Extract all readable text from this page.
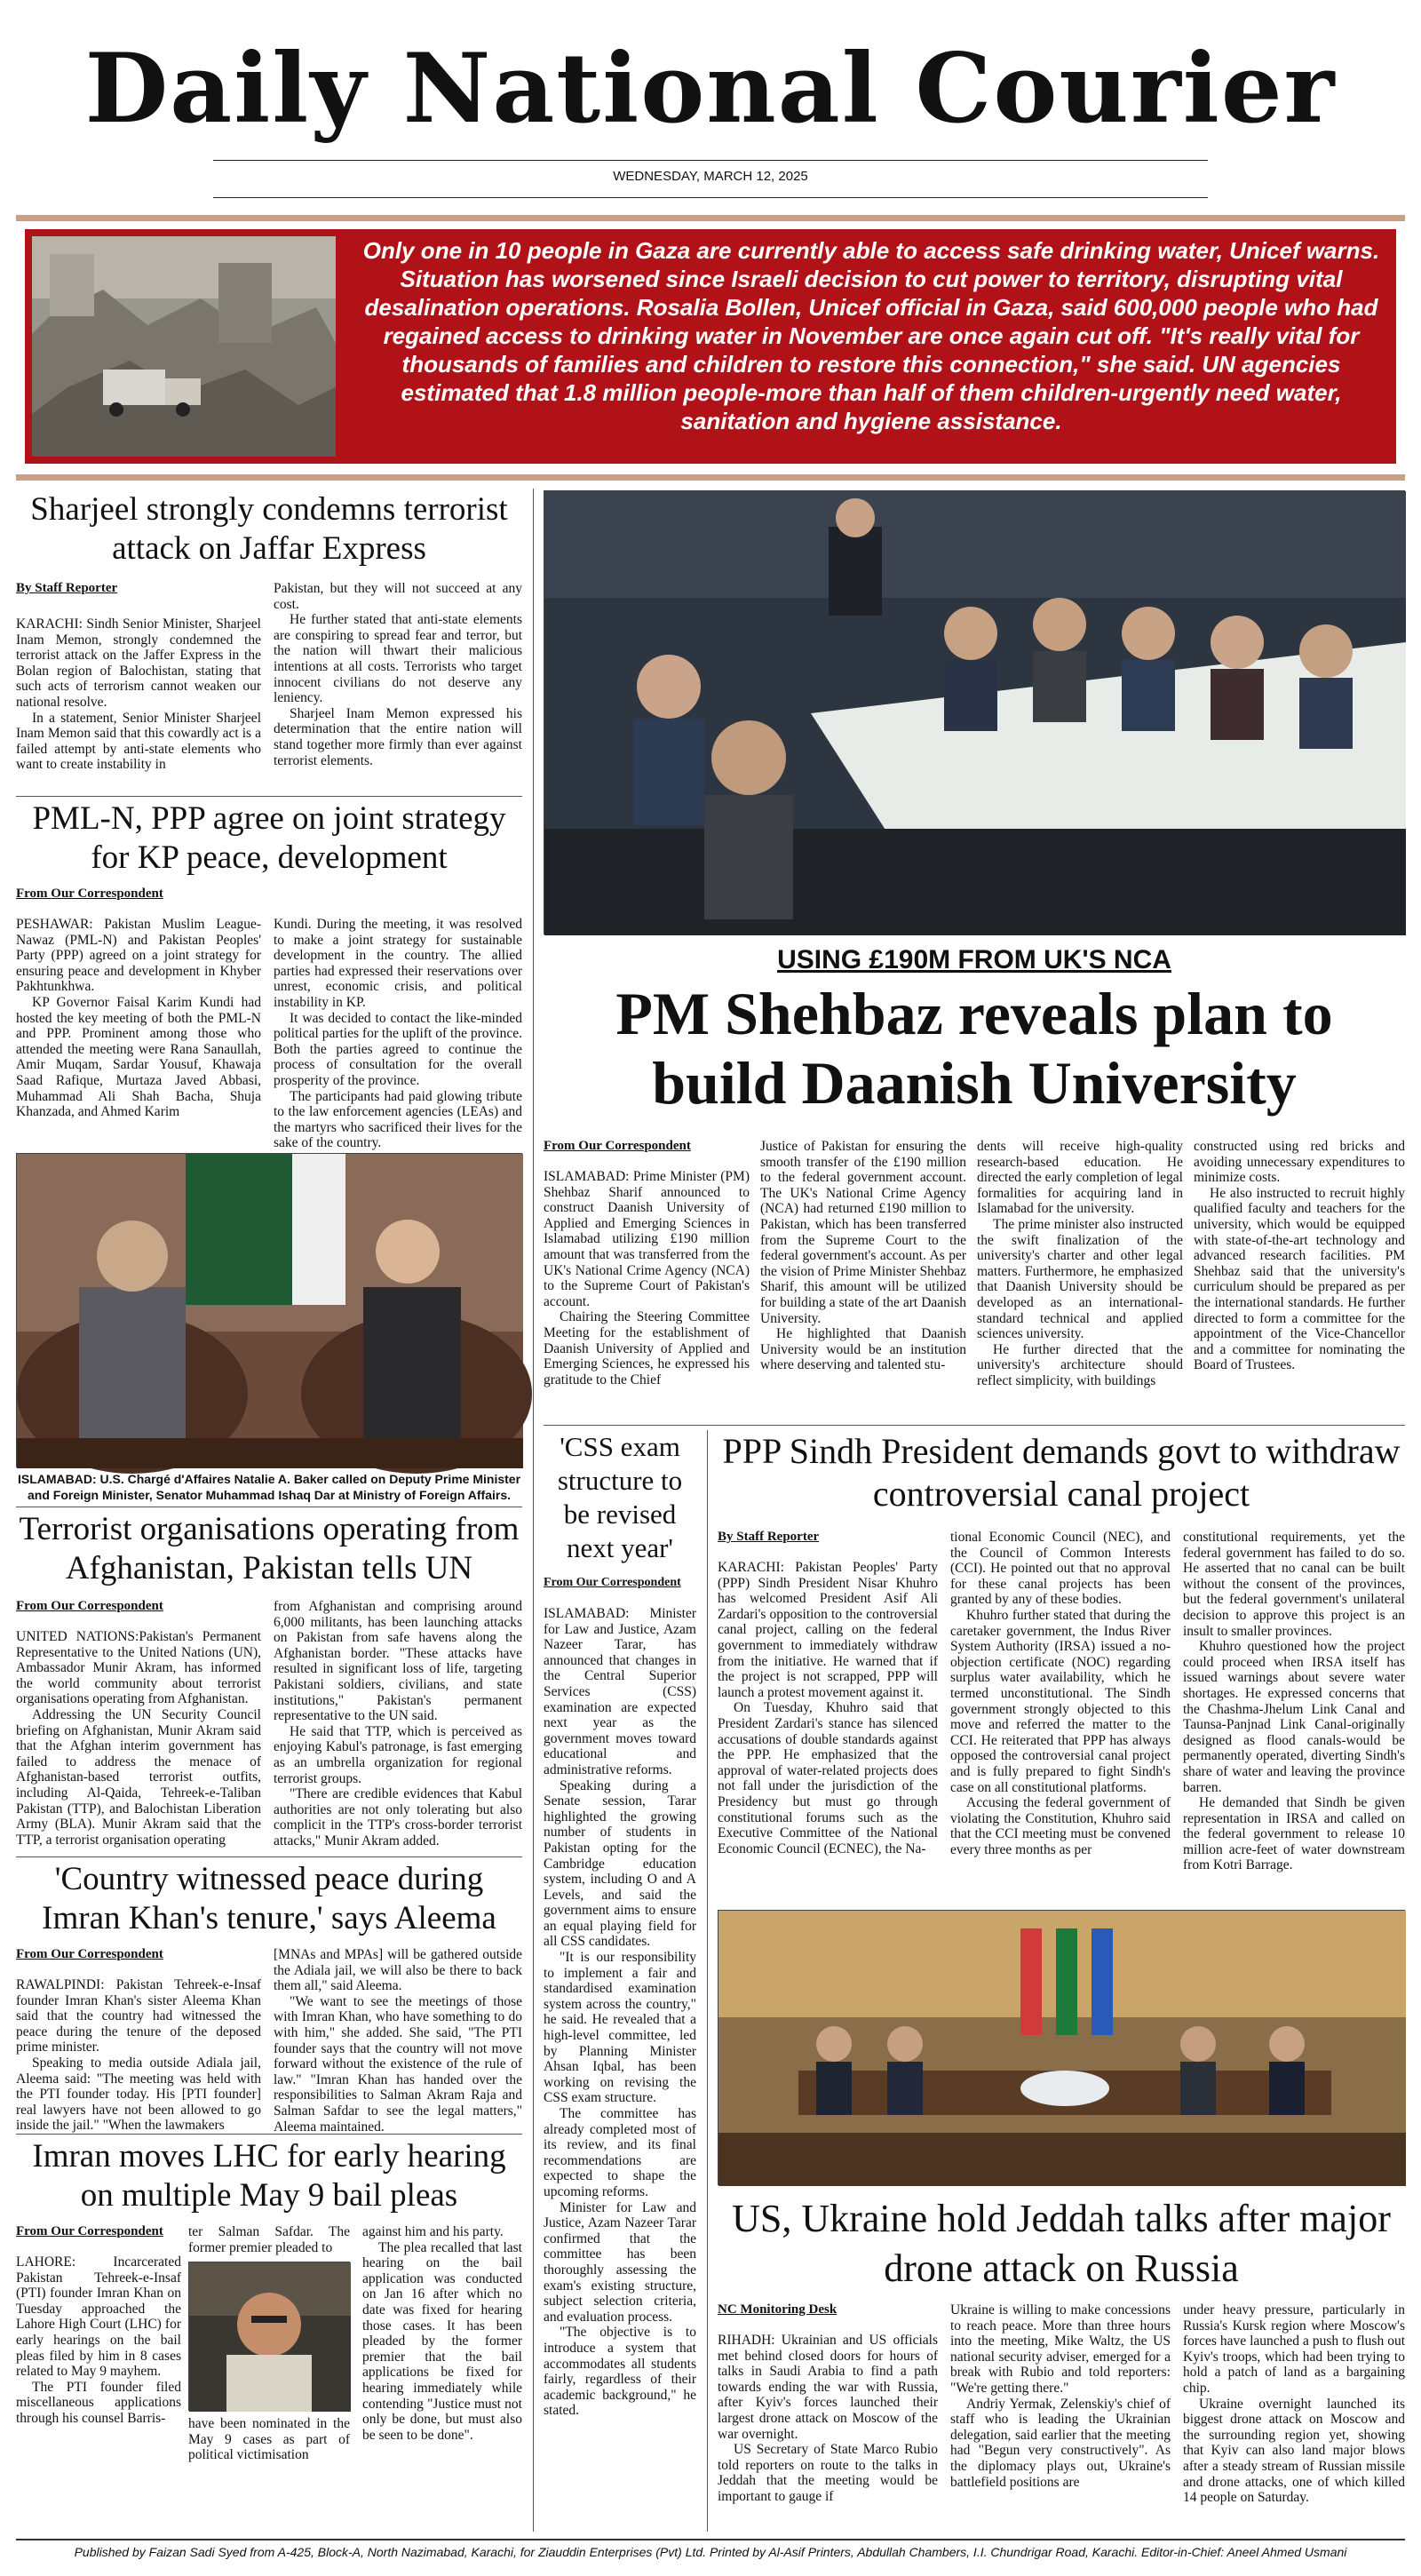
Daily National Courier
WEDNESDAY, MARCH 12, 2025
Only one in 10 people in Gaza are currently able to access safe drinking water, Unicef warns. Situation has worsened since Israeli decision to cut power to territory, disrupting vital desalination operations. Rosalia Bollen, Unicef official in Gaza, said 600,000 people who had regained access to drinking water in November are once again cut off. "It's really vital for thousands of families and children to restore this connection," she said. UN agencies estimated that 1.8 million people-more than half of them children-urgently need water, sanitation and hygiene assistance.
Sharjeel strongly condemns terrorist attack on Jaffar Express
By Staff Reporter

KARACHI: Sindh Senior Minister, Sharjeel Inam Memon, strongly condemned the terrorist attack on the Jaffer Express in the Bolan region of Balochistan, stating that such acts of terrorism cannot weaken our national resolve.

In a statement, Senior Minister Sharjeel Inam Memon said that this cowardly act is a failed attempt by anti-state elements who want to create instability in

Pakistan, but they will not succeed at any cost.

He further stated that anti-state elements are conspiring to spread fear and terror, but the nation will thwart their malicious intentions at all costs. Terrorists who target innocent civilians do not deserve any leniency.

Sharjeel Inam Memon expressed his determination that the entire nation will stand together more firmly than ever against terrorist elements.

PML-N, PPP agree on joint strategy for KP peace, development
From Our Correspondent

PESHAWAR: Pakistan Muslim League-Nawaz (PML-N) and Pakistan Peoples' Party (PPP) agreed on a joint strategy for ensuring peace and development in Khyber Pakhtunkhwa.

KP Governor Faisal Karim Kundi had hosted the key meeting of both the PML-N and PPP. Prominent among those who attended the meeting were Rana Sanaullah, Amir Muqam, Sardar Yousuf, Khawaja Saad Rafique, Murtaza Javed Abbasi, Muhammad Ali Shah Bacha, Shuja Khanzada, and Ahmed Karim

Kundi. During the meeting, it was resolved to make a joint strategy for sustainable development in the country. The allied parties had expressed their reservations over unrest, economic crisis, and political instability in KP.

It was decided to contact the like-minded political parties for the uplift of the province. Both the parties agreed to continue the process of consultation for the overall prosperity of the province.

The participants had paid glowing tribute to the law enforcement agencies (LEAs) and the martyrs who sacrificed their lives for the sake of the country.

ISLAMABAD: U.S. Chargé d'Affaires Natalie A. Baker called on Deputy Prime Minister and Foreign Minister, Senator Muhammad Ishaq Dar at Ministry of Foreign Affairs.
Terrorist organisations operating from Afghanistan, Pakistan tells UN
From Our Correspondent

UNITED NATIONS:Pakistan's Permanent Representative to the United Nations (UN), Ambassador Munir Akram, has informed the world community about terrorist organisations operating from Afghanistan.

Addressing the UN Security Council briefing on Afghanistan, Munir Akram said that the Afghan interim government has failed to address the menace of Afghanistan-based terrorist outfits, including Al-Qaida, Tehreek-e-Taliban Pakistan (TTP), and Balochistan Liberation Army (BLA). Munir Akram said that the TTP, a terrorist organisation operating

from Afghanistan and comprising around 6,000 militants, has been launching attacks on Pakistan from safe havens along the Afghanistan border. "These attacks have resulted in significant loss of life, targeting Pakistani soldiers, civilians, and state institutions," Pakistan's permanent representative to the UN said.

He said that TTP, which is perceived as enjoying Kabul's patronage, is fast emerging as an umbrella organization for regional terrorist groups.

"There are credible evidences that Kabul authorities are not only tolerating but also complicit in the TTP's cross-border terrorist attacks," Munir Akram added.

'Country witnessed peace during Imran Khan's tenure,' says Aleema
From Our Correspondent

RAWALPINDI: Pakistan Tehreek-e-Insaf founder Imran Khan's sister Aleema Khan said that the country had witnessed the peace during the tenure of the deposed prime minister.

Speaking to media outside Adiala jail, Aleema said: "The meeting was held with the PTI founder today. His [PTI founder] real lawyers have not been allowed to go inside the jail." "When the lawmakers

[MNAs and MPAs] will be gathered outside the Adiala jail, we will also be there to back them all," said Aleema.

"We want to see the meetings of those with Imran Khan, who have something to do with him," she added. She said, "The PTI founder says that the country will not move forward without the existence of the rule of law." "Imran Khan has handed over the responsibilities to Salman Akram Raja and Salman Safdar to see the legal matters," Aleema maintained.

Imran moves LHC for early hearing on multiple May 9 bail pleas
From Our Correspondent

LAHORE: Incarcerated Pakistan Tehreek-e-Insaf (PTI) founder Imran Khan on Tuesday approached the Lahore High Court (LHC) for early hearings on the bail pleas filed by him in 8 cases related to May 9 mayhem.

The PTI founder filed miscellaneous applications through his counsel Barris-

ter Salman Safdar. The former premier pleaded to

have been nominated in the May 9 cases as part of political victimisation

against him and his party.

The plea recalled that last hearing on the bail application was conducted on Jan 16 after which no date was fixed for hearing those cases. It has been pleaded by the former premier that the bail applications be fixed for hearing immediately while contending "Justice must not only be done, but must also be seen to be done".

USING £190M FROM UK'S NCA
PM Shehbaz reveals plan to build Daanish University
From Our Correspondent

ISLAMABAD: Prime Minister (PM) Shehbaz Sharif announced to construct Daanish University of Applied and Emerging Sciences in Islamabad utilizing £190 million amount that was transferred from the UK's National Crime Agency (NCA) to the Supreme Court of Pakistan's account.

Chairing the Steering Committee Meeting for the establishment of Daanish University of Applied and Emerging Sciences, he expressed his gratitude to the Chief

Justice of Pakistan for ensuring the smooth transfer of the £190 million to the federal government account. The UK's National Crime Agency (NCA) had returned £190 million to Pakistan, which has been transferred from the Supreme Court to the federal government's account. As per the vision of Prime Minister Shehbaz Sharif, this amount will be utilized for building a state of the art Daanish University.

He highlighted that Daanish University would be an institution where deserving and talented stu-

dents will receive high-quality research-based education. He directed the early completion of legal formalities for acquiring land in Islamabad for the university.

The prime minister also instructed the swift finalization of the university's charter and other legal matters. Furthermore, he emphasized that Daanish University should be developed as an international-standard technical and applied sciences university.

He further directed that the university's architecture should reflect simplicity, with buildings

constructed using red bricks and avoiding unnecessary expenditures to minimize costs.

He also instructed to recruit highly qualified faculty and teachers for the university, which would be equipped with state-of-the-art technology and advanced research facilities. PM Shehbaz said that the university's curriculum should be prepared as per the international standards. He further directed to form a committee for the appointment of the Vice-Chancellor and a committee for nominating the Board of Trustees.

'CSS exam structure to be revised next year'
From Our Correspondent

ISLAMABAD: Minister for Law and Justice, Azam Nazeer Tarar, has announced that changes in the Central Superior Services (CSS) examination are expected next year as the government moves toward educational and administrative reforms.

Speaking during a Senate session, Tarar highlighted the growing number of students in Pakistan opting for the Cambridge education system, including O and A Levels, and said the government aims to ensure an equal playing field for all CSS candidates.

"It is our responsibility to implement a fair and standardised examination system across the country," he said. He revealed that a high-level committee, led by Planning Minister Ahsan Iqbal, has been working on revising the CSS exam structure.

The committee has already completed most of its review, and its final recommendations are expected to shape the upcoming reforms.

Minister for Law and Justice, Azam Nazeer Tarar confirmed that the committee has been thoroughly assessing the exam's existing structure, subject selection criteria, and evaluation process.

"The objective is to introduce a system that accommodates all students fairly, regardless of their academic background," he stated.

PPP Sindh President demands govt to withdraw controversial canal project
By Staff Reporter

KARACHI: Pakistan Peoples' Party (PPP) Sindh President Nisar Khuhro has welcomed President Asif Ali Zardari's opposition to the controversial canal project, calling on the federal government to immediately withdraw from the initiative. He warned that if the project is not scrapped, PPP will launch a protest movement against it.

On Tuesday, Khuhro said that President Zardari's stance has silenced accusations of double standards against the PPP. He emphasized that the approval of water-related projects does not fall under the jurisdiction of the Presidency but must go through constitutional forums such as the Executive Committee of the National Economic Council (ECNEC), the Na-

tional Economic Council (NEC), and the Council of Common Interests (CCI). He pointed out that no approval for these canal projects has been granted by any of these bodies.

Khuhro further stated that during the caretaker government, the Indus River System Authority (IRSA) issued a no-objection certificate (NOC) regarding surplus water availability, which he termed unconstitutional. The Sindh government strongly objected to this move and referred the matter to the CCI. He reiterated that PPP has always opposed the controversial canal project and is fully prepared to fight Sindh's case on all constitutional platforms.

Accusing the federal government of violating the Constitution, Khuhro said that the CCI meeting must be convened every three months as per

constitutional requirements, yet the federal government has failed to do so. He asserted that no canal can be built without the consent of the provinces, but the federal government's unilateral decision to approve this project is an insult to smaller provinces.

Khuhro questioned how the project could proceed when IRSA itself has issued warnings about severe water shortages. He expressed concerns that the Chashma-Jhelum Link Canal and Taunsa-Panjnad Link Canal-originally designed as flood canals-would be permanently operated, diverting Sindh's share of water and leaving the province barren.

He demanded that Sindh be given representation in IRSA and called on the federal government to release 10 million acre-feet of water downstream from Kotri Barrage.

US, Ukraine hold Jeddah talks after major drone attack on Russia
NC Monitoring Desk

RIHADH: Ukrainian and US officials met behind closed doors for hours of talks in Saudi Arabia to find a path towards ending the war with Russia, after Kyiv's forces launched their largest drone attack on Moscow of the war overnight.

US Secretary of State Marco Rubio told reporters on route to the talks in Jeddah that the meeting would be important to gauge if

Ukraine is willing to make concessions to reach peace. More than three hours into the meeting, Mike Waltz, the US national security adviser, emerged for a break with Rubio and told reporters: "We're getting there."

Andriy Yermak, Zelenskiy's chief of staff who is leading the Ukrainian delegation, said earlier that the meeting had "Begun very constructively". As the diplomacy plays out, Ukraine's battlefield positions are

under heavy pressure, particularly in Russia's Kursk region where Moscow's forces have launched a push to flush out Kyiv's troops, which had been trying to hold a patch of land as a bargaining chip.

Ukraine overnight launched its biggest drone attack on Moscow and the surrounding region yet, showing that Kyiv can also land major blows after a steady stream of Russian missile and drone attacks, one of which killed 14 people on Saturday.

Published by Faizan Sadi Syed from A-425, Block-A, North Nazimabad, Karachi, for Ziauddin Enterprises (Pvt) Ltd. Printed by Al-Asif Printers, Abdullah Chambers, I.I. Chundrigar Road, Karachi. Editor-in-Chief: Aneel Ahmed Usmani
